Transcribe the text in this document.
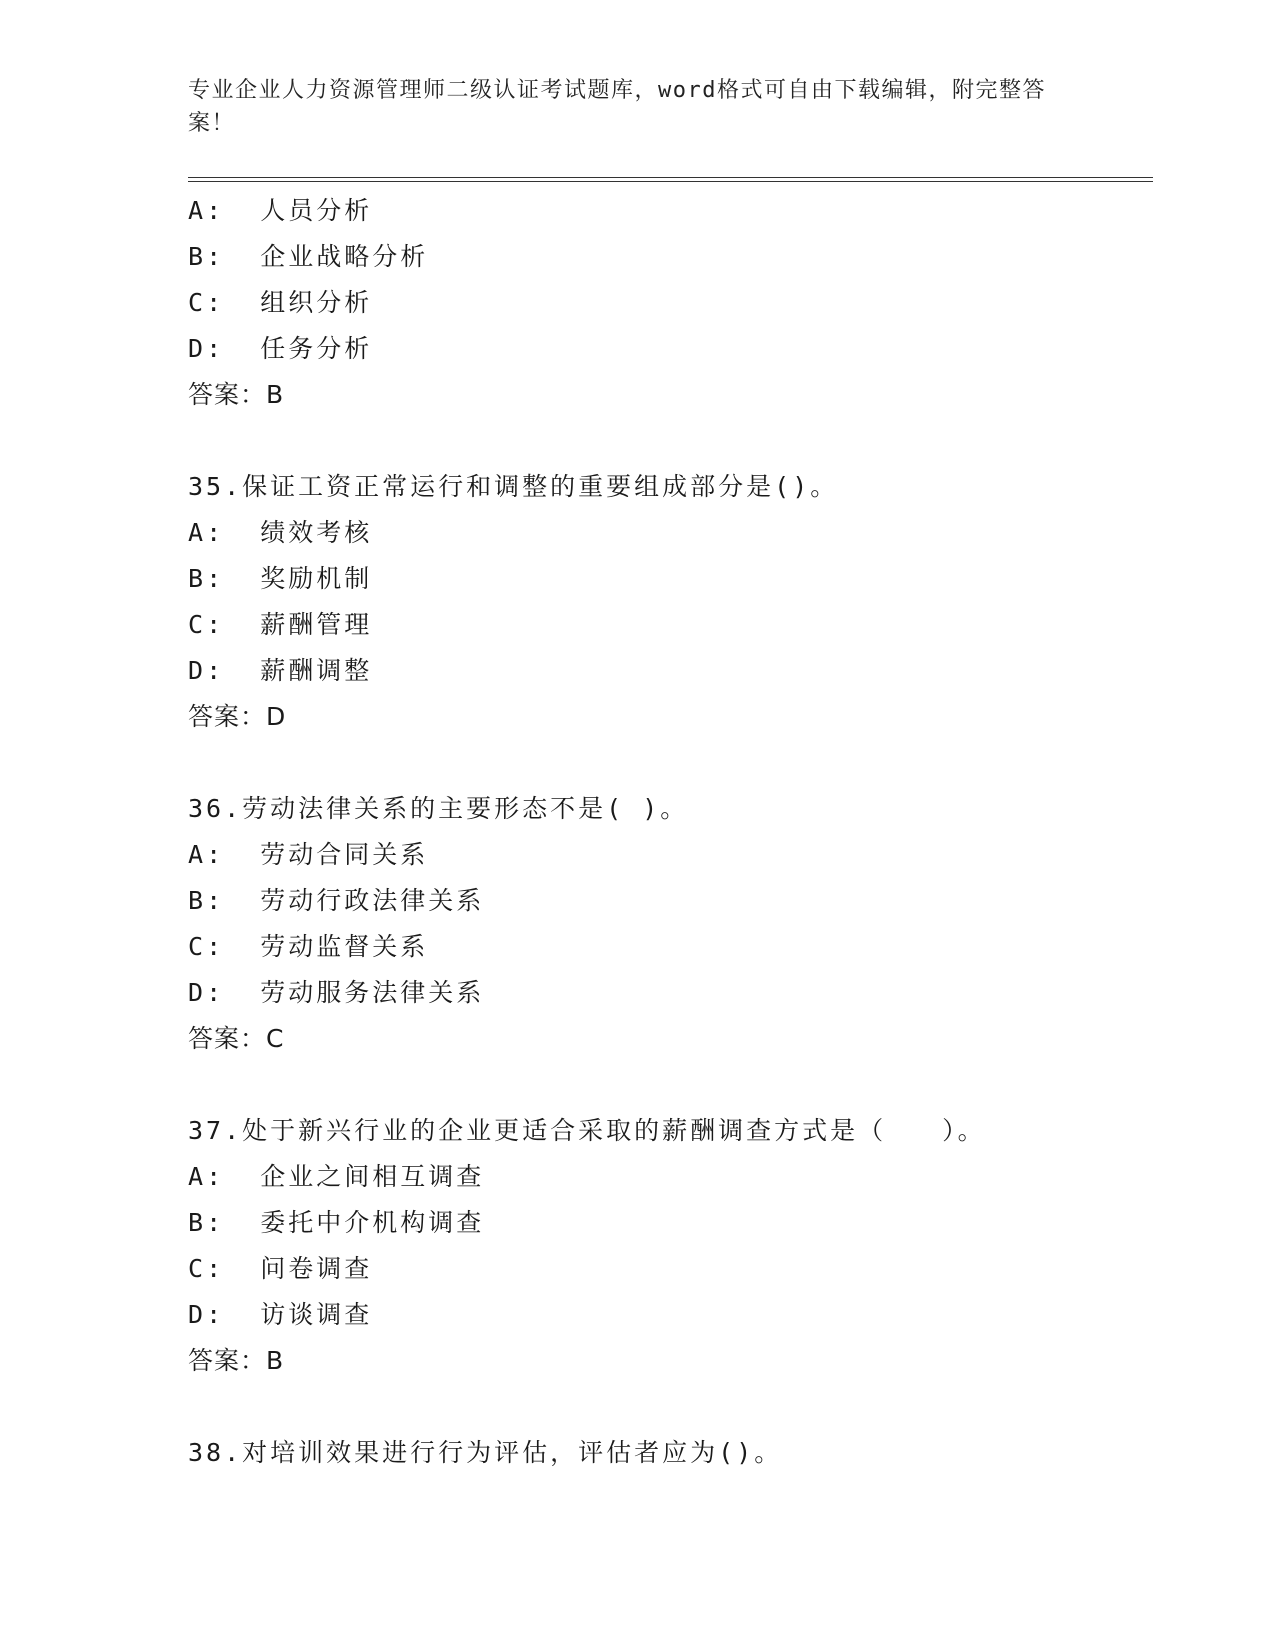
专业企业人力资源管理师二级认证考试题库，word格式可自由下载编辑，附完整答案！
A:  人员分析
B:  企业战略分析
C:  组织分析
D:  任务分析
答案：B
35.保证工资正常运行和调整的重要组成部分是()。
A:  绩效考核
B:  奖励机制
C:  薪酬管理
D:  薪酬调整
答案：D
36.劳动法律关系的主要形态不是( )。
A:  劳动合同关系
B:  劳动行政法律关系
C:  劳动监督关系
D:  劳动服务法律关系
答案：C
37.处于新兴行业的企业更适合采取的薪酬调查方式是（　　）。
A:  企业之间相互调查
B:  委托中介机构调查
C:  问卷调查
D:  访谈调查
答案：B
38.对培训效果进行行为评估，评估者应为()。
